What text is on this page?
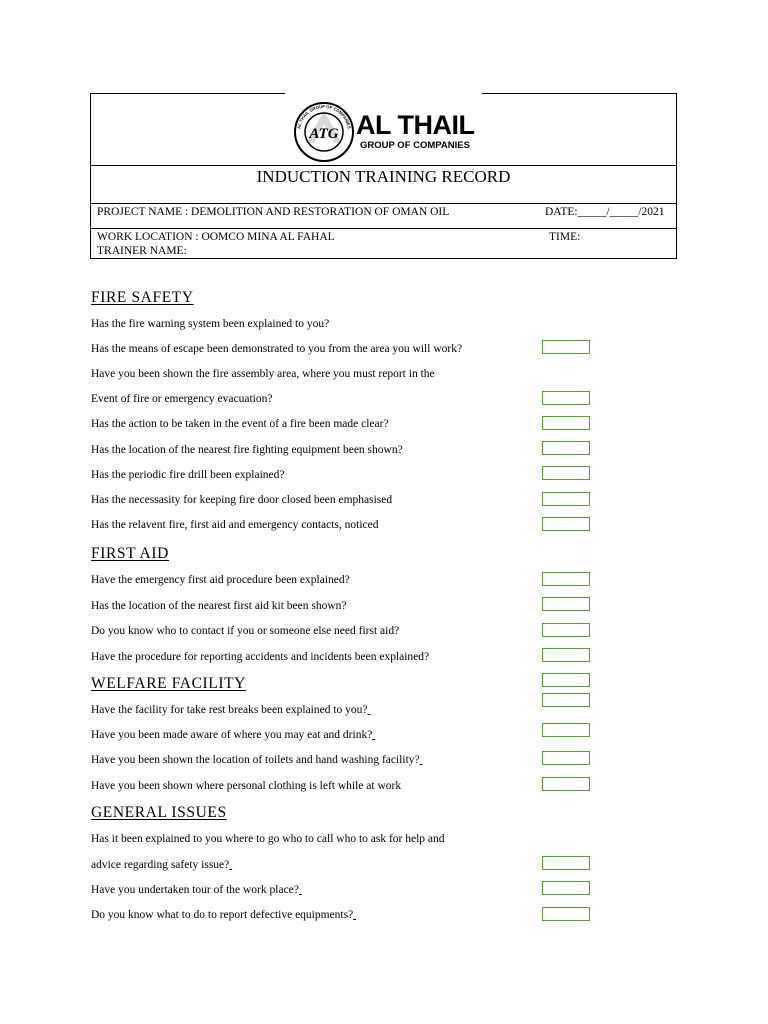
ATG
AL THAIL GROUP OF COMPANIES AL THAIL
GROUP OF COMPANIES
INDUCTION TRAINING RECORD
PROJECT NAME : DEMOLITION AND RESTORATION OF OMAN OIL	DATE:_____/_____/2021
WORK LOCATION : OOMCO MINA AL FAHAL	TIME:
TRAINER NAME:
FIRE SAFETY
Has the fire warning system been explained to you?
Has the means of escape been demonstrated to you from the area you will work?
Have you been shown the fire assembly area, where you must report in the
Event of fire or emergency evacuation?
Has the action to be taken in the event of a fire been made clear?
Has the location of the nearest fire fighting equipment been shown?
Has the periodic fire drill been explained?
Has the necessasity for keeping fire door closed been emphasised
Has the relavent fire, first aid and emergency contacts, noticed
FIRST AID
Have the emergency first aid procedure been explained?
Has the location of the nearest first aid kit been shown?
Do you know who to contact if you or someone else need first aid?
Have the procedure for reporting accidents and incidents been explained?
WELFARE FACILITY
Have the facility for take rest breaks been explained to you?
Have you been made aware of where you may eat and drink?
Have you been shown the location of toilets and hand washing facility?
Have you been shown where personal clothing is left while at work
GENERAL ISSUES
Has it been explained to you where to go who to call who to ask for help and
advice regarding safety issue?
Have you undertaken tour of the work place?
Do you know what to do to report defective equipments?
